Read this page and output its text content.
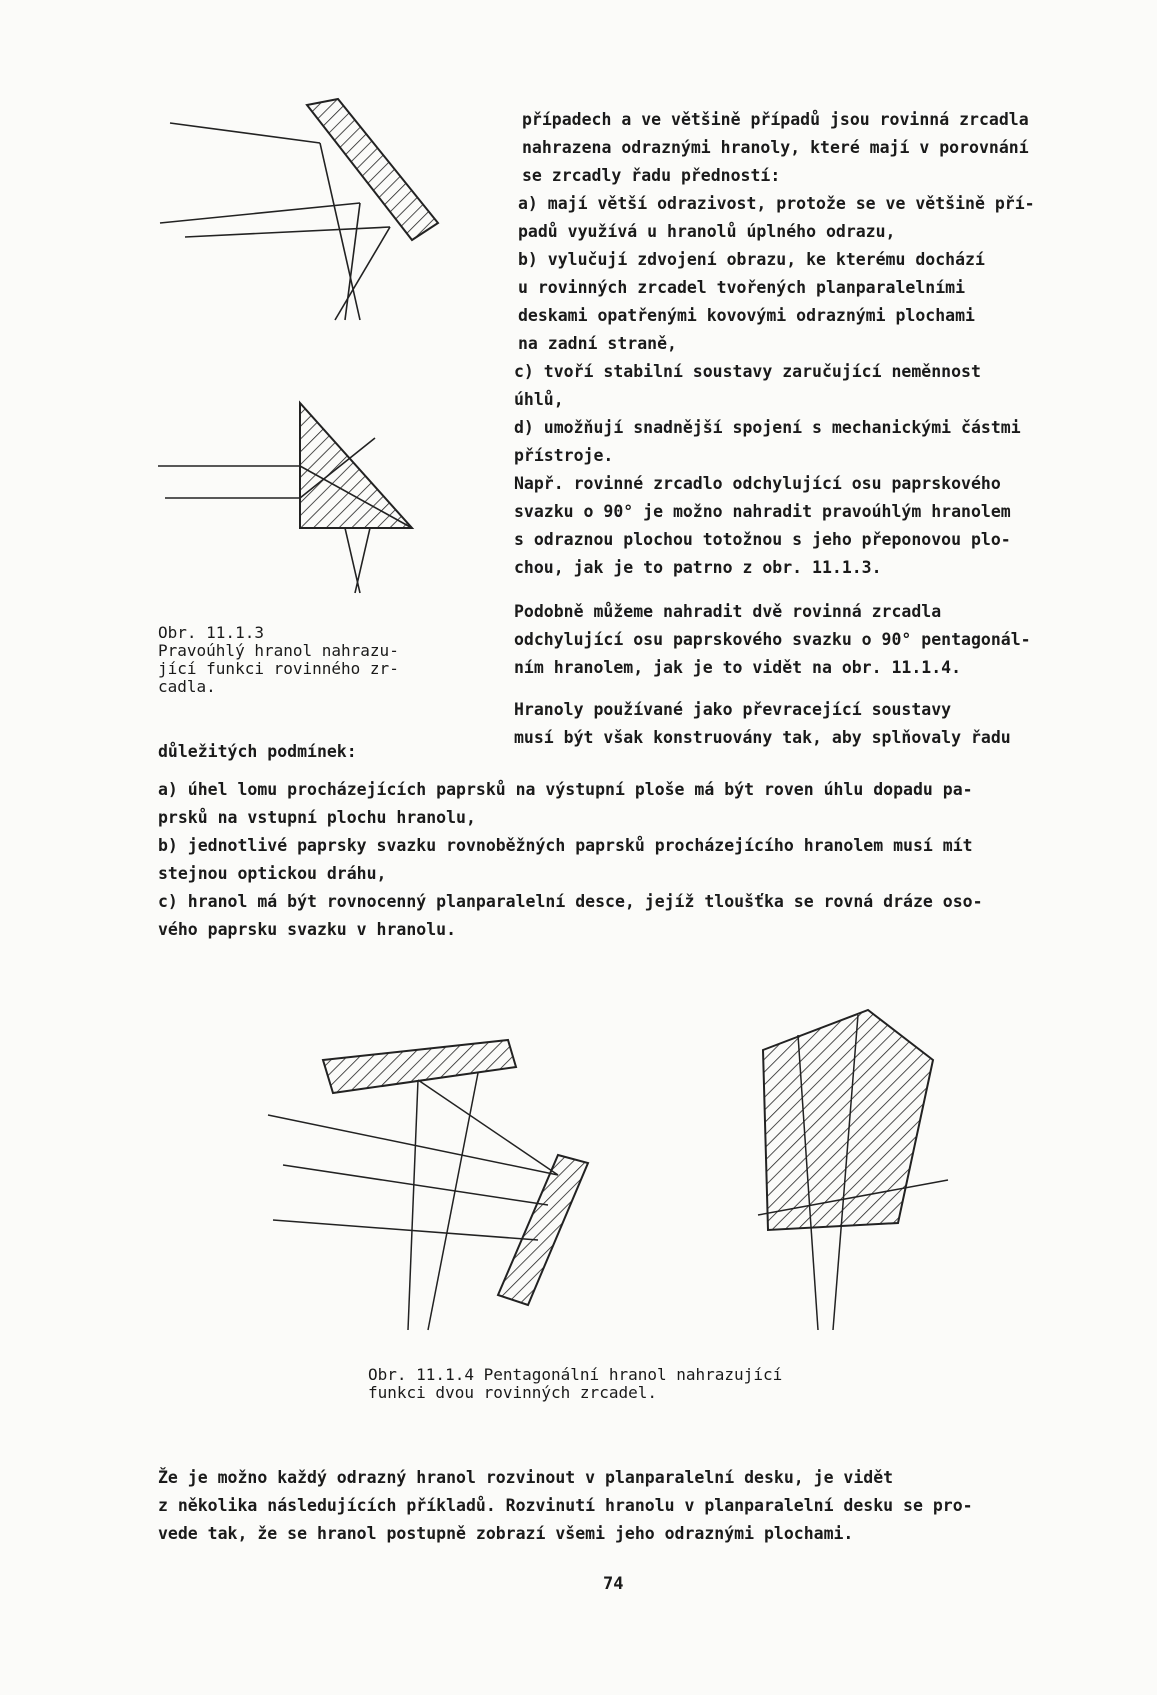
případech a ve většině případů jsou rovinná zrcadla
nahrazena odraznými hranoly, které mají v porovnání
se zrcadly řadu předností:
a) mají větší odrazivost, protože se ve většině pří-
padů využívá u hranolů úplného odrazu,
b) vylučují zdvojení obrazu, ke kterému dochází
u rovinných zrcadel tvořených planparalelními
deskami opatřenými kovovými odraznými plochami
na zadní straně,
c) tvoří stabilní soustavy zaručující neměnnost
úhlů,
d) umožňují snadnější spojení s mechanickými částmi
přístroje.
Např. rovinné zrcadlo odchylující osu paprskového
svazku o 90° je možno nahradit pravoúhlým hranolem
s odraznou plochou totožnou s jeho přeponovou plo-
chou, jak je to patrno z obr. 11.1.3.
Podobně můžeme nahradit dvě rovinná zrcadla
odchylující osu paprskového svazku o 90° pentagonál-
ním hranolem, jak je to vidět na obr. 11.1.4.
Hranoly používané jako převracející soustavy
musí být však konstruovány tak, aby splňovaly řadu
Obr. 11.1.3
Pravoúhlý hranol nahrazu-
jící funkci rovinného zr-
cadla.
důležitých podmínek:
a) úhel lomu procházejících paprsků na výstupní ploše má být roven úhlu dopadu pa-
prsků na vstupní plochu hranolu,
b) jednotlivé paprsky svazku rovnoběžných paprsků procházejícího hranolem musí mít
stejnou optickou dráhu,
c) hranol má být rovnocenný planparalelní desce, jejíž tloušťka se rovná dráze oso-
vého paprsku svazku v hranolu.
Obr. 11.1.4 Pentagonální hranol nahrazující
funkci dvou rovinných zrcadel.
Že je možno každý odrazný hranol rozvinout v planparalelní desku, je vidět
z několika následujících příkladů. Rozvinutí hranolu v planparalelní desku se pro-
vede tak, že se hranol postupně zobrazí všemi jeho odraznými plochami.
74
